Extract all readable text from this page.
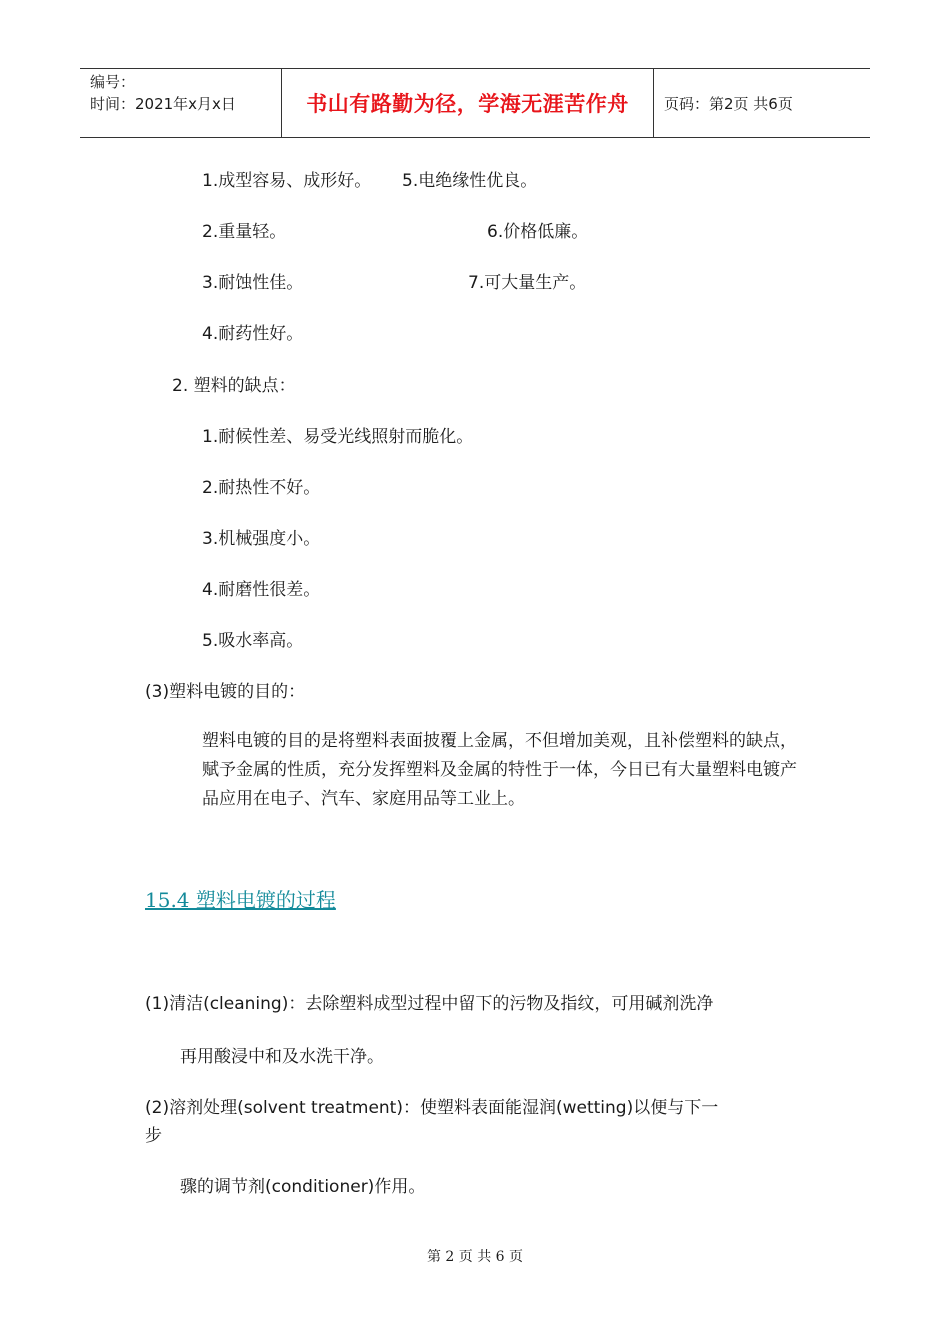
编号：
时间：2021年x月x日	书山有路勤为径，学海无涯苦作舟 页码：第2页 共6页
1.成型容易、成形好。 5.电绝缘性优良。
2.重量轻。	6.价格低廉。
3.耐蚀性佳。	7.可大量生产。
4.耐药性好。
2. 塑料的缺点：
1.耐候性差、易受光线照射而脆化。
2.耐热性不好。
3.机械强度小。
4.耐磨性很差。
5.吸水率高。
(3)塑料电镀的目的：
塑料电镀的目的是将塑料表面披覆上金属，不但增加美观，且补偿塑料的缺点，赋予金属的性质，充分发挥塑料及金属的特性于一体，今日已有大量塑料电镀产品应用在电子、汽车、家庭用品等工业上。
15.4 塑料电镀的过程
(1)清洁(cleaning)：去除塑料成型过程中留下的污物及指纹，可用碱剂洗净
再用酸浸中和及水洗干净。
(2)溶剂处理(solvent treatment)：使塑料表面能湿润(wetting)以便与下一
步
骤的调节剂(conditioner)作用。
第 2 页 共 6 页
